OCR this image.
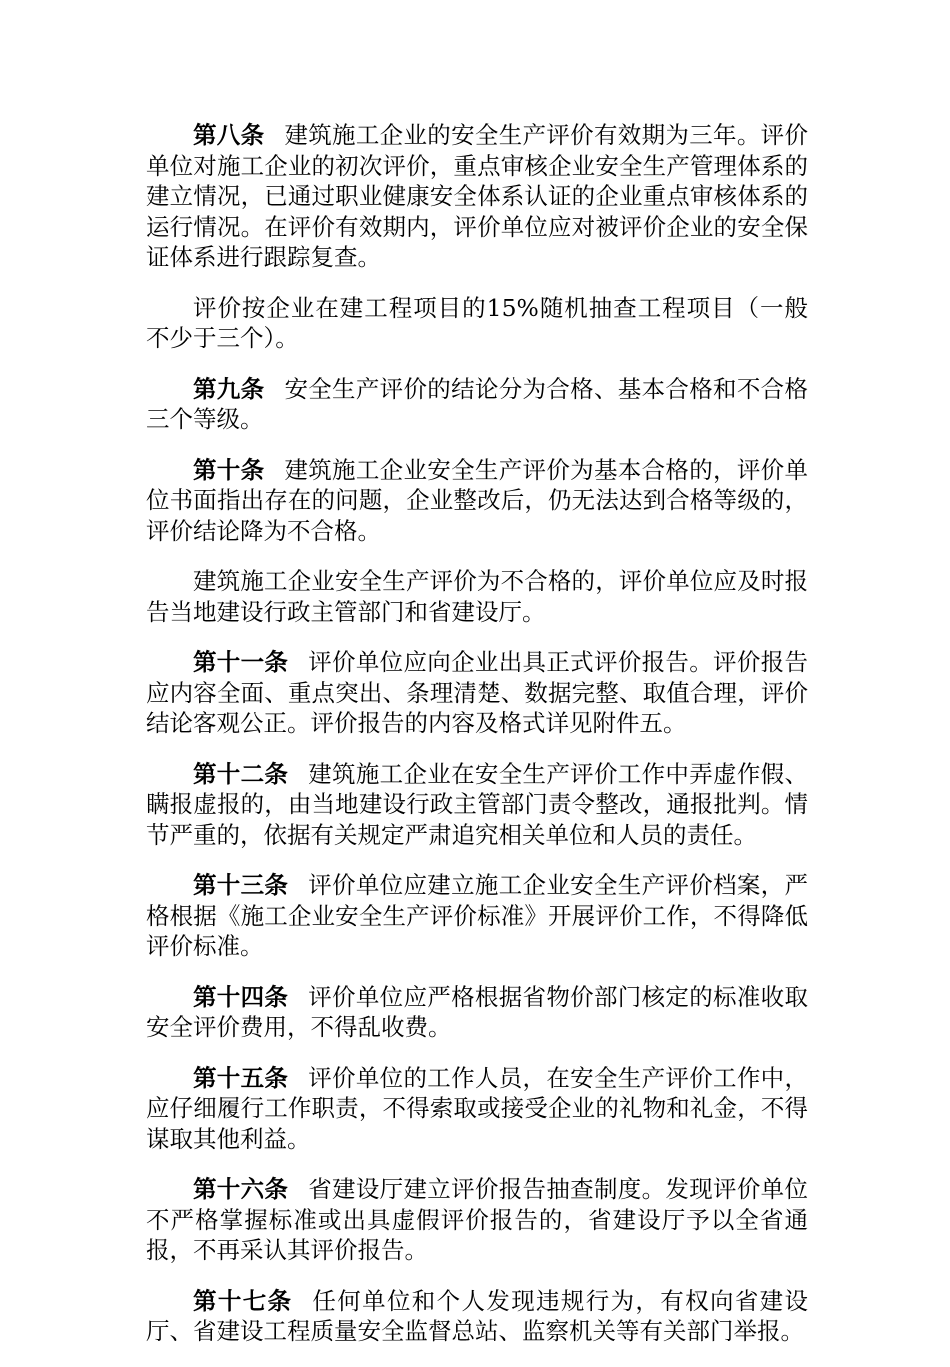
第八条 建筑施工企业的安全生产评价有效期为三年。评价单位对施工企业的初次评价，重点审核企业安全生产管理体系的建立情况，已通过职业健康安全体系认证的企业重点审核体系的运行情况。在评价有效期内，评价单位应对被评价企业的安全保证体系进行跟踪复查。

评价按企业在建工程项目的15%随机抽查工程项目（一般不少于三个）。

第九条 安全生产评价的结论分为合格、基本合格和不合格三个等级。

第十条 建筑施工企业安全生产评价为基本合格的，评价单位书面指出存在的问题，企业整改后，仍无法达到合格等级的，评价结论降为不合格。

建筑施工企业安全生产评价为不合格的，评价单位应及时报告当地建设行政主管部门和省建设厅。

第十一条 评价单位应向企业出具正式评价报告。评价报告应内容全面、重点突出、条理清楚、数据完整、取值合理，评价结论客观公正。评价报告的内容及格式详见附件五。

第十二条 建筑施工企业在安全生产评价工作中弄虚作假、瞒报虚报的，由当地建设行政主管部门责令整改，通报批判。情节严重的，依据有关规定严肃追究相关单位和人员的责任。

第十三条 评价单位应建立施工企业安全生产评价档案，严格根据《施工企业安全生产评价标准》开展评价工作，不得降低评价标准。

第十四条 评价单位应严格根据省物价部门核定的标准收取安全评价费用，不得乱收费。

第十五条 评价单位的工作人员，在安全生产评价工作中，应仔细履行工作职责，不得索取或接受企业的礼物和礼金，不得谋取其他利益。

第十六条 省建设厅建立评价报告抽查制度。发现评价单位不严格掌握标准或出具虚假评价报告的，省建设厅予以全省通报，不再采认其评价报告。

第十七条 任何单位和个人发现违规行为，有权向省建设厅、省建设工程质量安全监督总站、监察机关等有关部门举报。
